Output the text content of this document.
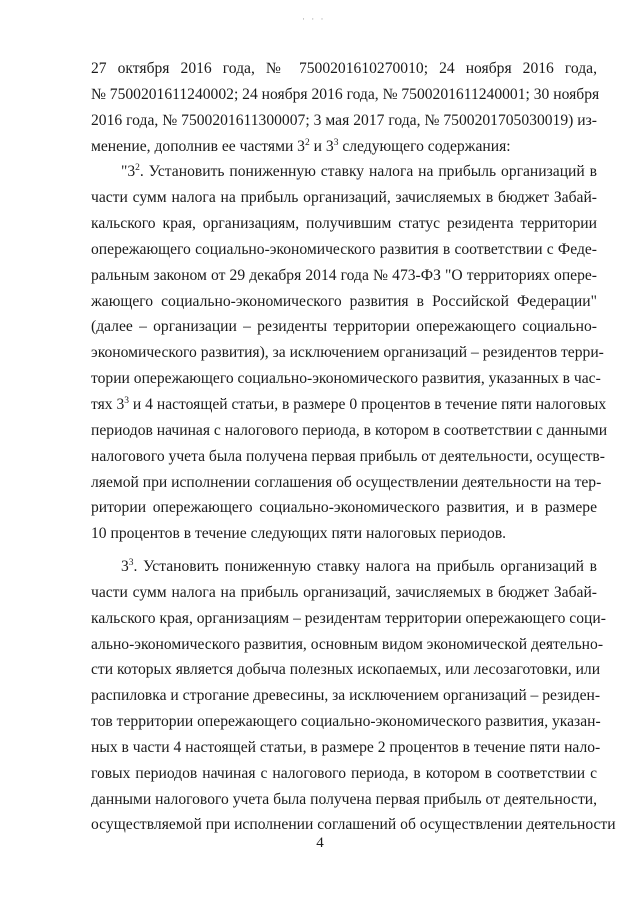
· · ·
27 октября 2016 года, № 7500201610270010; 24 ноября 2016 года,
№ 7500201611240002; 24 ноября 2016 года, № 7500201611240001; 30 ноября
2016 года, № 7500201611300007; 3 мая 2017 года, № 7500201705030019) из-
менение, дополнив ее частями $3^2$ и $3^3$ следующего содержания:
"$3^2$. Установить пониженную ставку налога на прибыль организаций в
части сумм налога на прибыль организаций, зачисляемых в бюджет Забай-
кальского края, организациям, получившим статус резидента территории
опережающего социально-экономического развития в соответствии с Феде-
ральным законом от 29 декабря 2014 года № 473-ФЗ "О территориях опере-
жающего социально-экономического развития в Российской Федерации"
(далее – организации – резиденты территории опережающего социально-
экономического развития), за исключением организаций – резидентов терри-
тории опережающего социально-экономического развития, указанных в час-
тях $3^3$ и 4 настоящей статьи, в размере 0 процентов в течение пяти налоговых
периодов начиная с налогового периода, в котором в соответствии с данными
налогового учета была получена первая прибыль от деятельности, осуществ-
ляемой при исполнении соглашения об осуществлении деятельности на тер-
ритории опережающего социально-экономического развития, и в размере
10 процентов в течение следующих пяти налоговых периодов.
$3^3$. Установить пониженную ставку налога на прибыль организаций в
части сумм налога на прибыль организаций, зачисляемых в бюджет Забай-
кальского края, организациям – резидентам территории опережающего соци-
ально-экономического развития, основным видом экономической деятельно-
сти которых является добыча полезных ископаемых, или лесозаготовки, или
распиловка и строгание древесины, за исключением организаций – резиден-
тов территории опережающего социально-экономического развития, указан-
ных в части 4 настоящей статьи, в размере 2 процентов в течение пяти нало-
говых периодов начиная с налогового периода, в котором в соответствии с
данными налогового учета была получена первая прибыль от деятельности,
осуществляемой при исполнении соглашений об осуществлении деятельности
4
